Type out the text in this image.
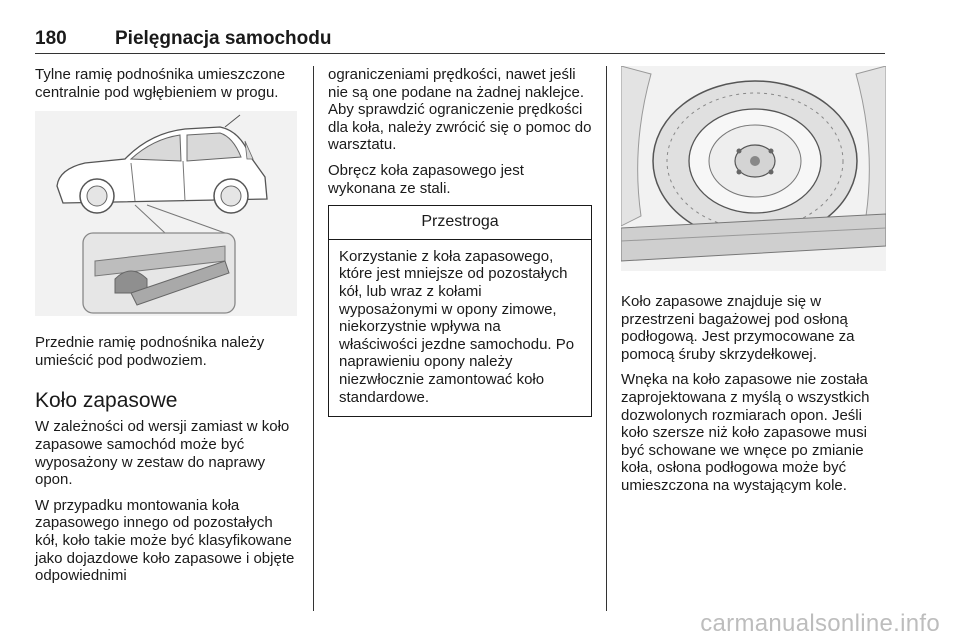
180	Pielęgnacja samochodu

Tylne ramię podnośnika umieszczone centralnie pod wgłębieniem w progu.

Przednie ramię podnośnika należy umieścić pod podwoziem.

Koło zapasowe

W zależności od wersji zamiast w koło zapasowe samochód może być wyposażony w zestaw do naprawy opon.

W przypadku montowania koła zapasowego innego od pozostałych kół, koło takie może być klasyfikowane jako dojazdowe koło zapasowe i objęte odpowiednimi

ograniczeniami prędkości, nawet jeśli nie są one podane na żadnej naklejce. Aby sprawdzić ograniczenie prędkości dla koła, należy zwrócić się o pomoc do warsztatu.

Obręcz koła zapasowego jest wykonana ze stali.

Przestroga
Korzystanie z koła zapasowego, które jest mniejsze od pozostałych kół, lub wraz z kołami wyposażonymi w opony zimowe, niekorzystnie wpływa na właściwości jezdne samochodu. Po naprawieniu opony należy niezwłocznie zamontować koło standardowe.

Koło zapasowe znajduje się w przestrzeni bagażowej pod osłoną podłogową. Jest przymocowane za pomocą śruby skrzydełkowej.

Wnęka na koło zapasowe nie została zaprojektowana z myślą o wszystkich dozwolonych rozmiarach opon. Jeśli koło szersze niż koło zapasowe musi być schowane we wnęce po zmianie koła, osłona podłogowa może być umieszczona na wystającym kole.

carmanualsonline.info
